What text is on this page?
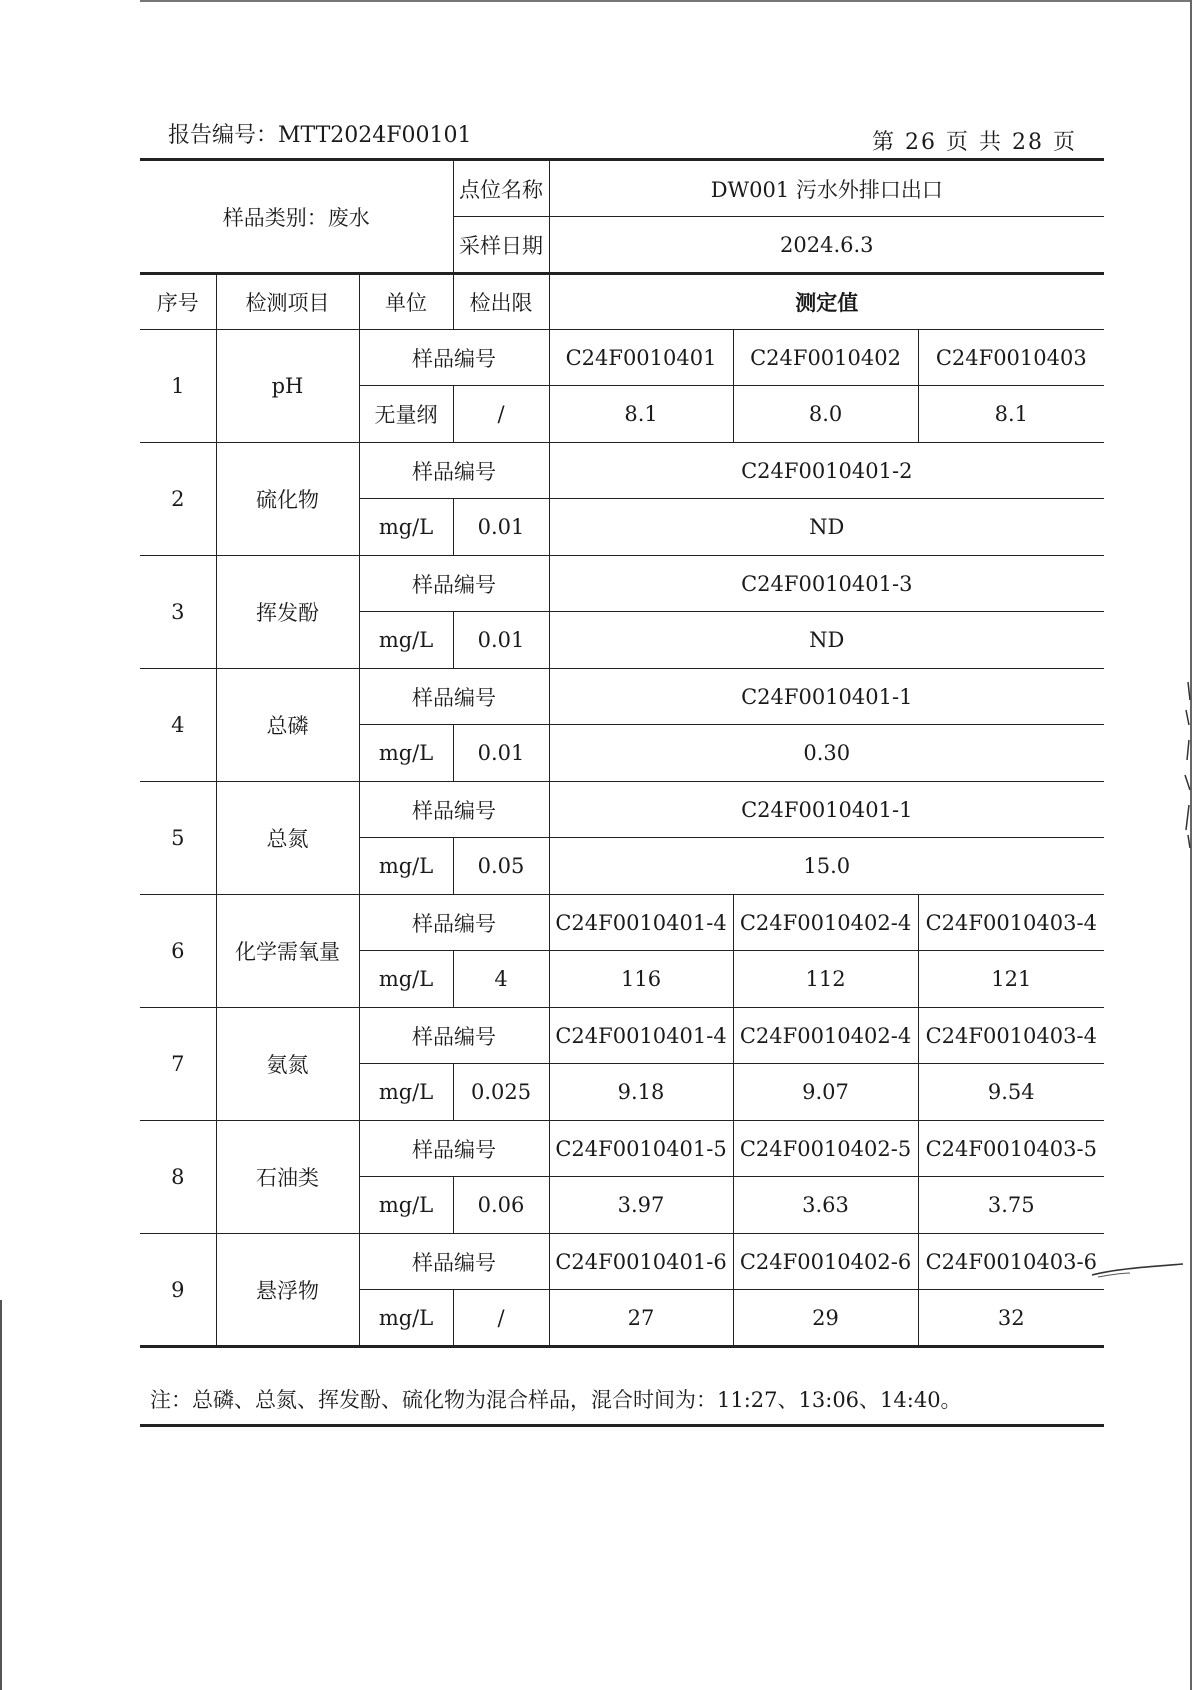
报告编号：MTT2024F00101	第 26 页 共 28 页
样品类别：废水			点位名称	DW001 污水外排口出口		
			采样日期	2024.6.3		
序号	检测项目	单位	检出限	测定值		
1	pH	样品编号		C24F0010401	C24F0010402	C24F0010403
		无量纲	/	8.1	8.0	8.1
2	硫化物	样品编号		C24F0010401-2		
		mg/L	0.01	ND		
3	挥发酚	样品编号		C24F0010401-3		
		mg/L	0.01	ND		
4	总磷	样品编号		C24F0010401-1		
		mg/L	0.01	0.30		
5	总氮	样品编号		C24F0010401-1		
		mg/L	0.05	15.0		
6	化学需氧量	样品编号		C24F0010401-4	C24F0010402-4	C24F0010403-4
		mg/L	4	116	112	121
7	氨氮	样品编号		C24F0010401-4	C24F0010402-4	C24F0010403-4
		mg/L	0.025	9.18	9.07	9.54
8	石油类	样品编号		C24F0010401-5	C24F0010402-5	C24F0010403-5
		mg/L	0.06	3.97	3.63	3.75
9	悬浮物	样品编号		C24F0010401-6	C24F0010402-6	C24F0010403-6
		mg/L	/	27	29	32
注：总磷、总氮、挥发酚、硫化物为混合样品，混合时间为：11:27、13:06、14:40。
